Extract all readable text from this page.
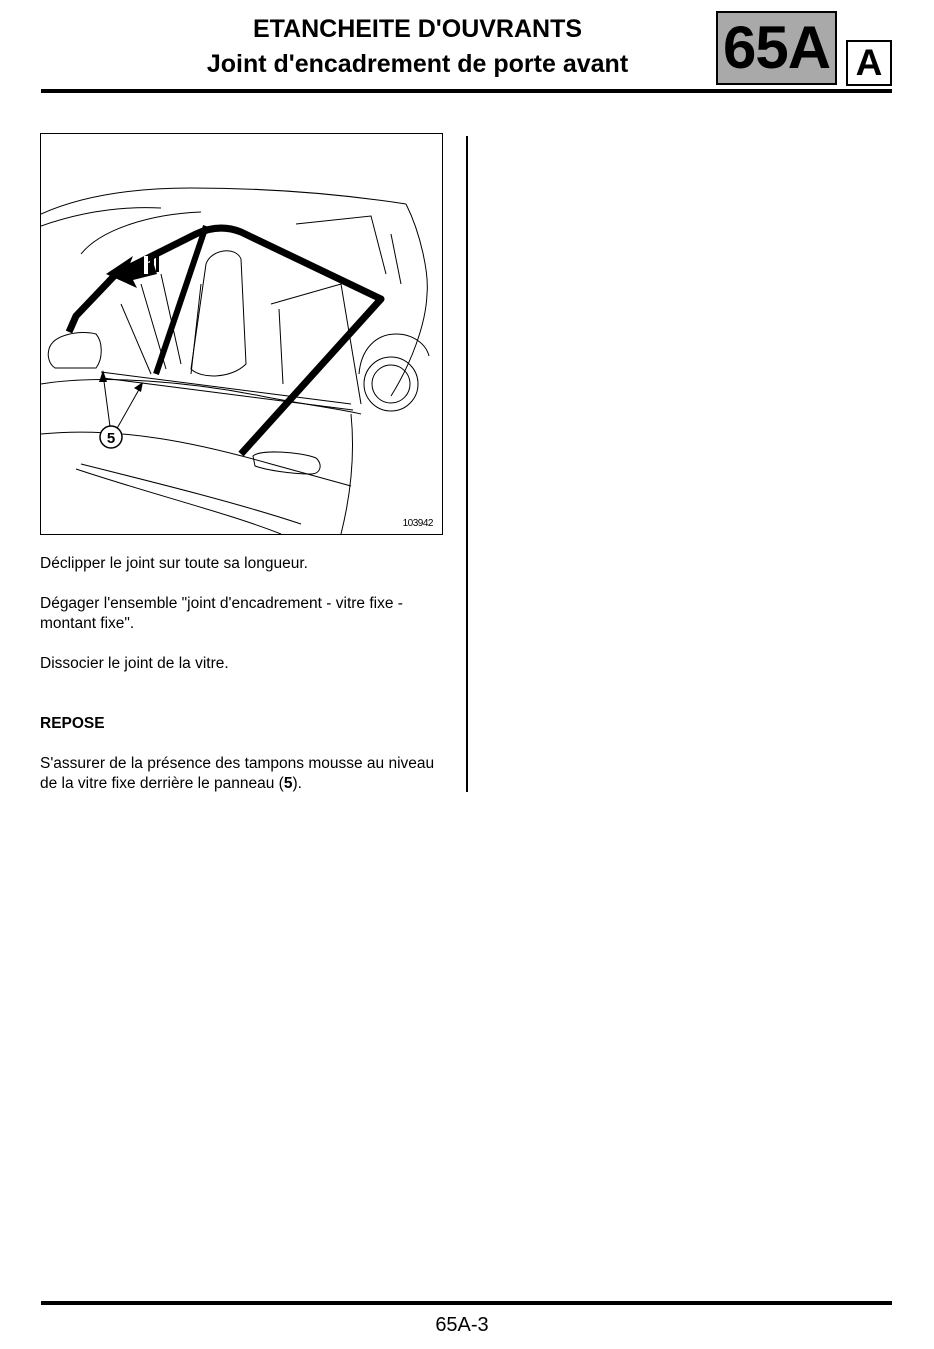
ETANCHEITE D'OUVRANTS
Joint d'encadrement de porte avant	65A A
5
103942
Déclipper le joint sur toute sa longueur.
Dégager l'ensemble "joint d'encadrement - vitre fixe - montant fixe".
Dissocier le joint de la vitre.
REPOSE
S'assurer de la présence des tampons mousse au niveau de la vitre fixe derrière le panneau (5).
65A-3
